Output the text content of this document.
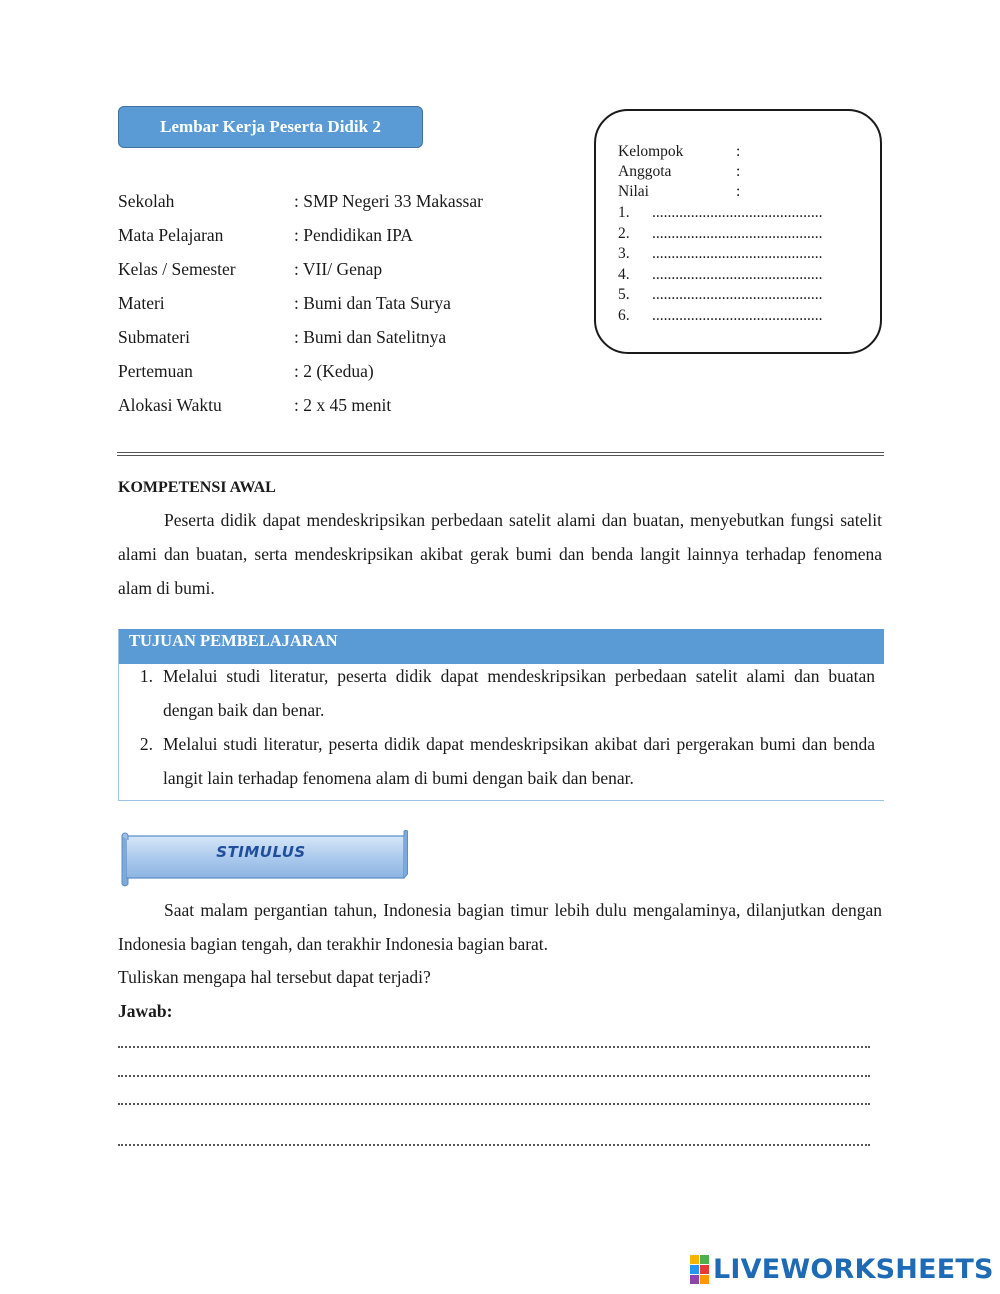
Lembar Kerja Peserta Didik 2
Sekolah	: SMP Negeri 33 Makassar
Mata Pelajaran	: Pendidikan IPA
Kelas / Semester	: VII/ Genap
Materi	: Bumi dan Tata Surya
Submateri	: Bumi dan Satelitnya
Pertemuan	: 2 (Kedua)
Alokasi Waktu	: 2 x 45 menit
Kelompok	:
Anggota	:
Nilai	:
1.	............................................
2.	............................................
3.	............................................
4.	............................................
5.	............................................
6.	............................................
KOMPETENSI AWAL
Peserta didik dapat mendeskripsikan perbedaan satelit alami dan buatan, menyebutkan fungsi satelit alami dan buatan, serta mendeskripsikan akibat gerak bumi dan benda langit lainnya terhadap fenomena alam di bumi.
TUJUAN PEMBELAJARAN
1. Melalui studi literatur, peserta didik dapat mendeskripsikan perbedaan satelit alami dan buatan dengan baik dan benar.
2. Melalui studi literatur, peserta didik dapat mendeskripsikan akibat dari pergerakan bumi dan benda langit lain terhadap fenomena alam di bumi dengan baik dan benar.
STIMULUS
Saat malam pergantian tahun, Indonesia bagian timur lebih dulu mengalaminya, dilanjutkan dengan Indonesia bagian tengah, dan terakhir Indonesia bagian barat.
Tuliskan mengapa hal tersebut dapat terjadi?
Jawab:
LIVEWORKSHEETS
